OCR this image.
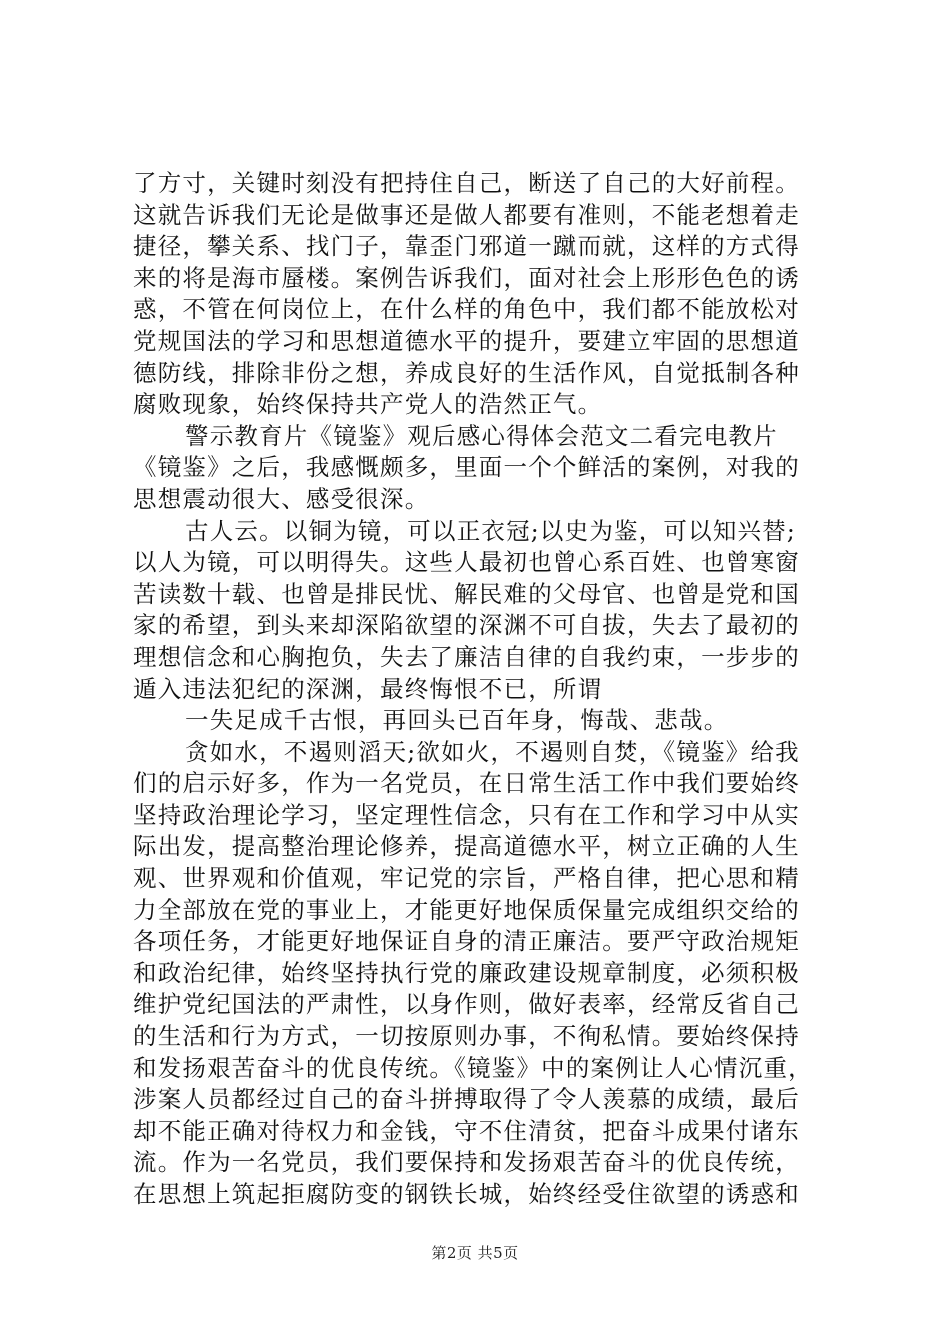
了方寸，关键时刻没有把持住自己，断送了自己的大好前程。
这就告诉我们无论是做事还是做人都要有准则，不能老想着走
捷径，攀关系、找门子，靠歪门邪道一蹴而就，这样的方式得
来的将是海市蜃楼。案例告诉我们，面对社会上形形色色的诱
惑，不管在何岗位上，在什么样的角色中，我们都不能放松对
党规国法的学习和思想道德水平的提升，要建立牢固的思想道
德防线，排除非份之想，养成良好的生活作风，自觉抵制各种
腐败现象，始终保持共产党人的浩然正气。
警示教育片《镜鉴》观后感心得体会范文二看完电教片
《镜鉴》之后，我感慨颇多，里面一个个鲜活的案例，对我的
思想震动很大、感受很深。
古人云。以铜为镜，可以正衣冠;以史为鉴，可以知兴替;
以人为镜，可以明得失。这些人最初也曾心系百姓、也曾寒窗
苦读数十载、也曾是排民忧、解民难的父母官、也曾是党和国
家的希望，到头来却深陷欲望的深渊不可自拔，失去了最初的
理想信念和心胸抱负，失去了廉洁自律的自我约束，一步步的
遁入违法犯纪的深渊，最终悔恨不已，所谓
一失足成千古恨，再回头已百年身，悔哉、悲哉。
贪如水，不遏则滔天;欲如火，不遏则自焚，《镜鉴》给我
们的启示好多，作为一名党员，在日常生活工作中我们要始终
坚持政治理论学习，坚定理性信念，只有在工作和学习中从实
际出发，提高整治理论修养，提高道德水平，树立正确的人生
观、世界观和价值观，牢记党的宗旨，严格自律，把心思和精
力全部放在党的事业上，才能更好地保质保量完成组织交给的
各项任务，才能更好地保证自身的清正廉洁。要严守政治规矩
和政治纪律，始终坚持执行党的廉政建设规章制度，必须积极
维护党纪国法的严肃性，以身作则，做好表率，经常反省自己
的生活和行为方式，一切按原则办事，不徇私情。要始终保持
和发扬艰苦奋斗的优良传统。《镜鉴》中的案例让人心情沉重，
涉案人员都经过自己的奋斗拼搏取得了令人羡慕的成绩，最后
却不能正确对待权力和金钱，守不住清贫，把奋斗成果付诸东
流。作为一名党员，我们要保持和发扬艰苦奋斗的优良传统，
在思想上筑起拒腐防变的钢铁长城，始终经受住欲望的诱惑和
第2页 共5页
